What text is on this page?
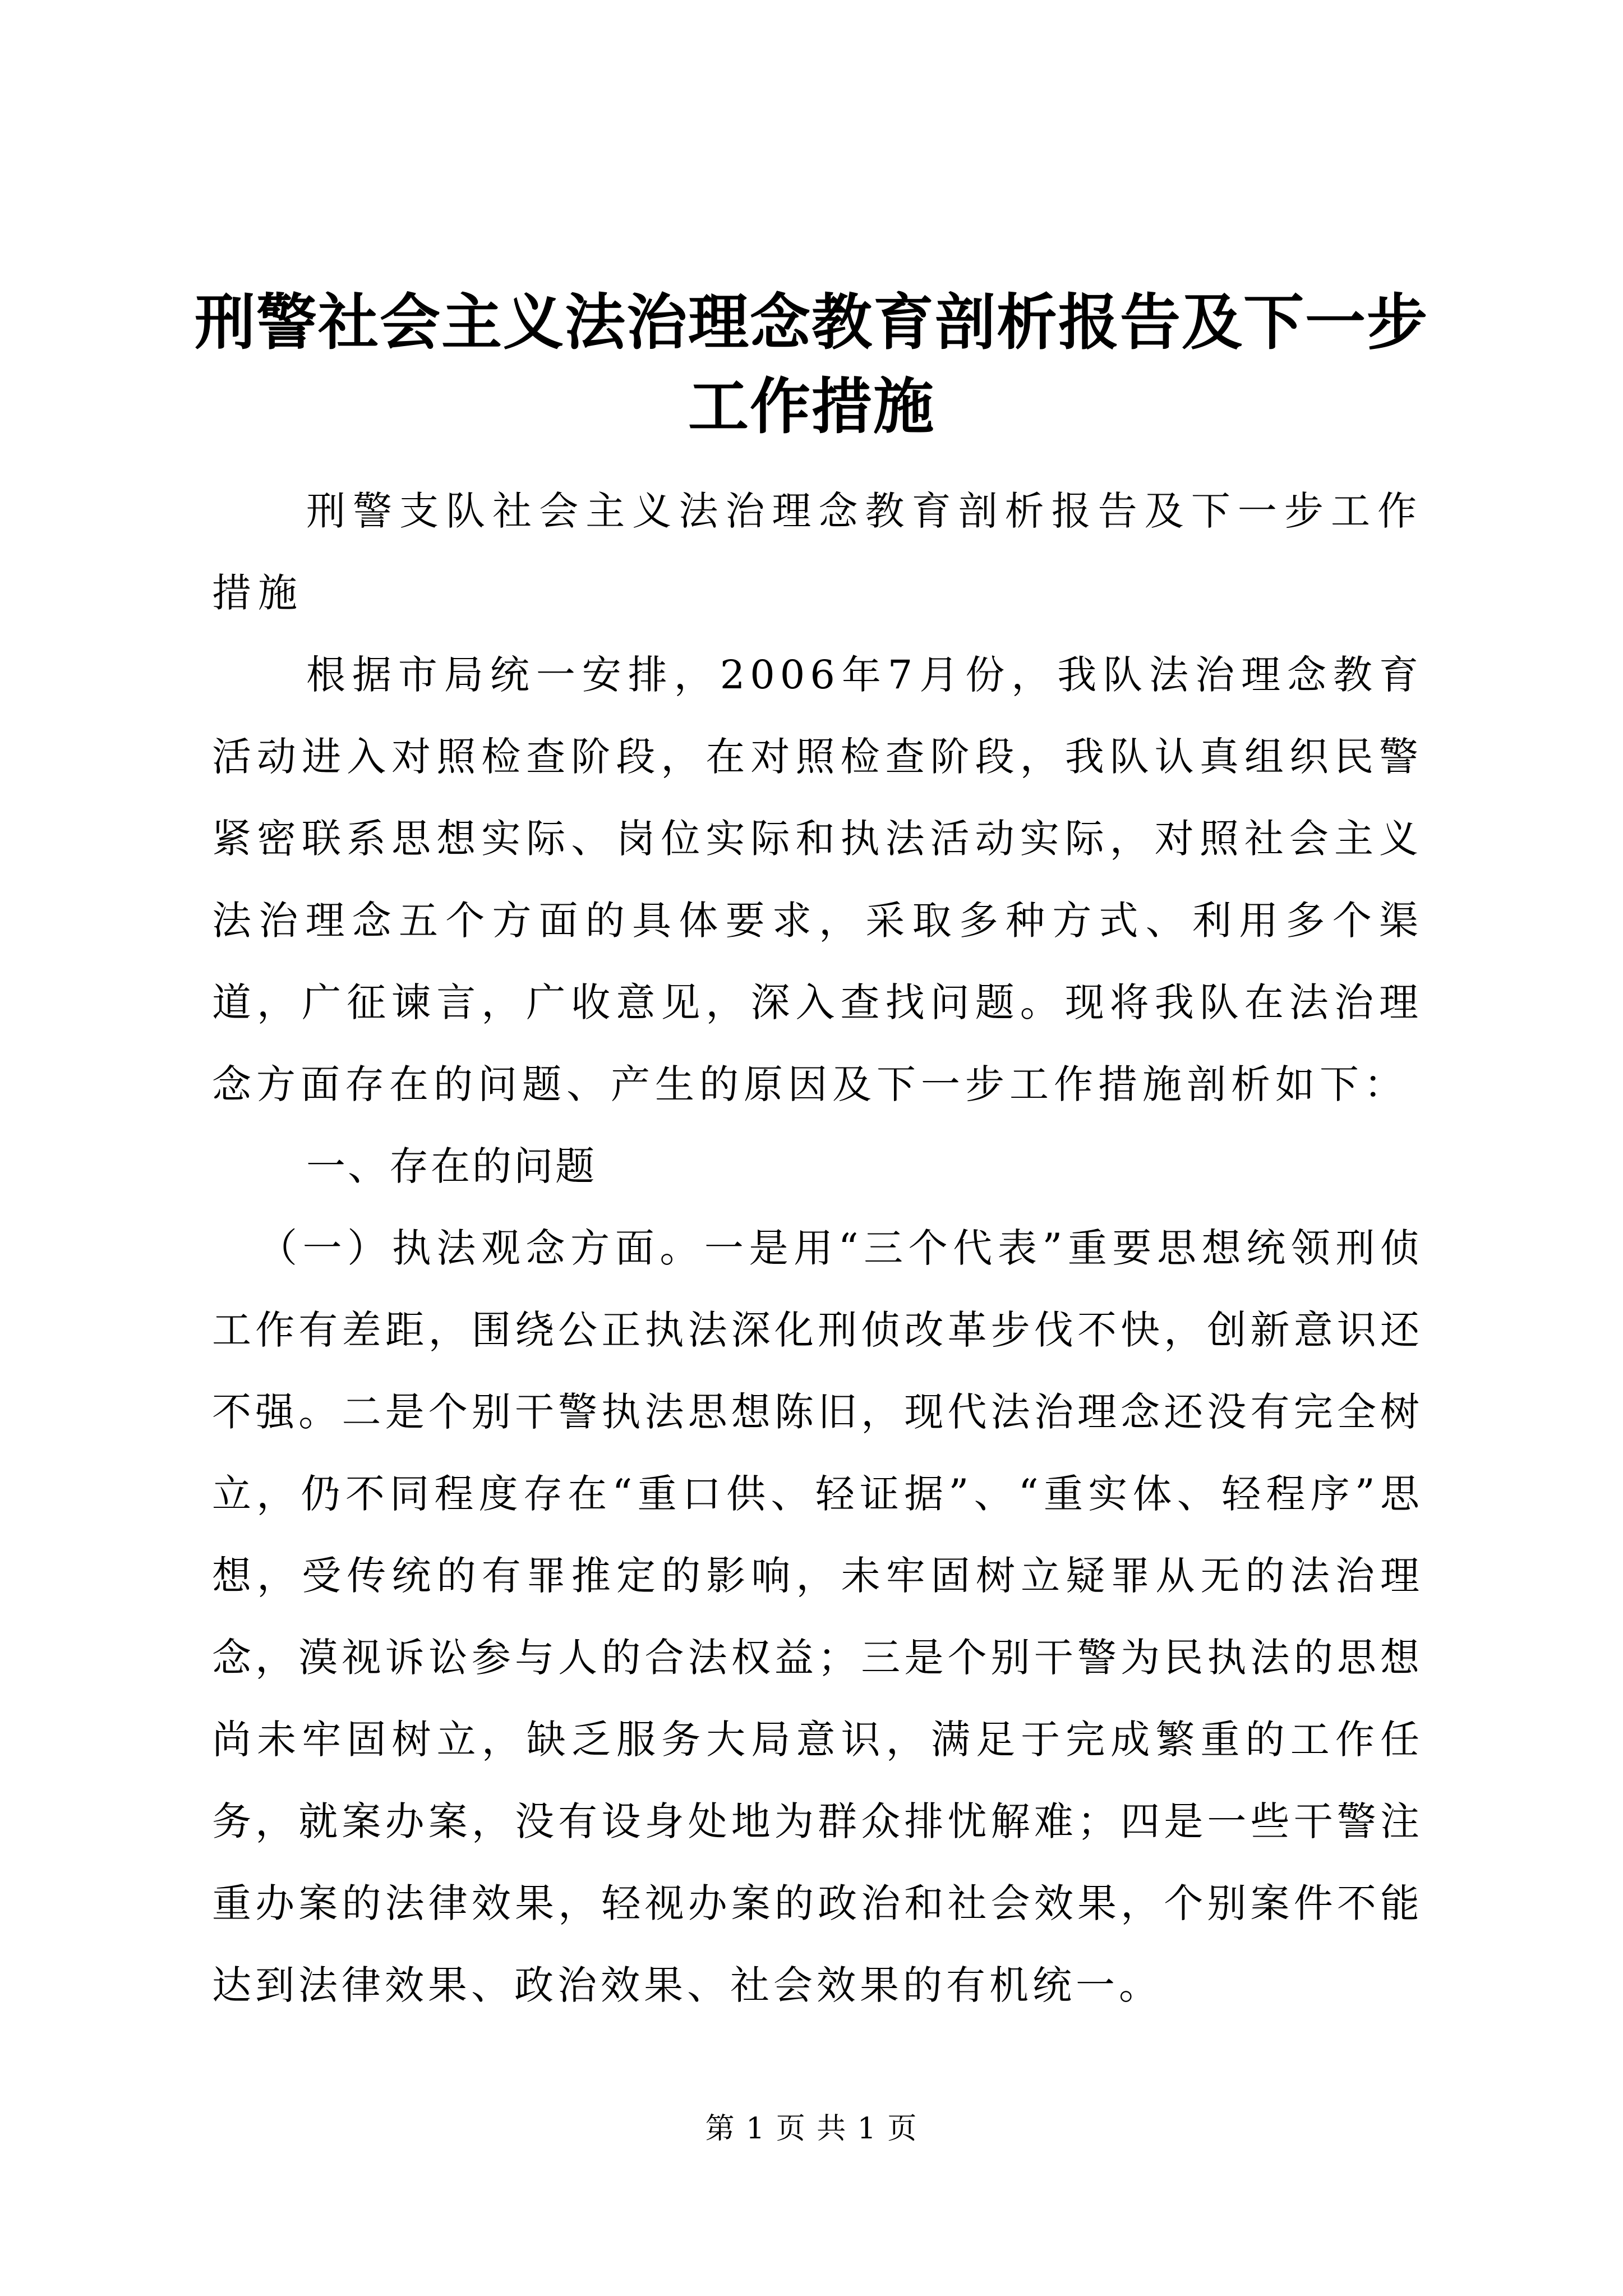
刑警社会主义法治理念教育剖析报告及下一步工作措施

刑警支队社会主义法治理念教育剖析报告及下一步工作措施

根据市局统一安排，2006年7月份，我队法治理念教育活动进入对照检查阶段，在对照检查阶段，我队认真组织民警紧密联系思想实际、岗位实际和执法活动实际，对照社会主义法治理念五个方面的具体要求，采取多种方式、利用多个渠道，广征谏言，广收意见，深入查找问题。现将我队在法治理念方面存在的问题、产生的原因及下一步工作措施剖析如下：

一、存在的问题

（一）执法观念方面。一是用“三个代表”重要思想统领刑侦工作有差距，围绕公正执法深化刑侦改革步伐不快，创新意识还不强。二是个别干警执法思想陈旧，现代法治理念还没有完全树立，仍不同程度存在“重口供、轻证据”、“重实体、轻程序”思想，受传统的有罪推定的影响，未牢固树立疑罪从无的法治理念，漠视诉讼参与人的合法权益；三是个别干警为民执法的思想尚未牢固树立，缺乏服务大局意识，满足于完成繁重的工作任务，就案办案，没有设身处地为群众排忧解难；四是一些干警注重办案的法律效果，轻视办案的政治和社会效果，个别案件不能达到法律效果、政治效果、社会效果的有机统一。

第 1 页 共 1 页
